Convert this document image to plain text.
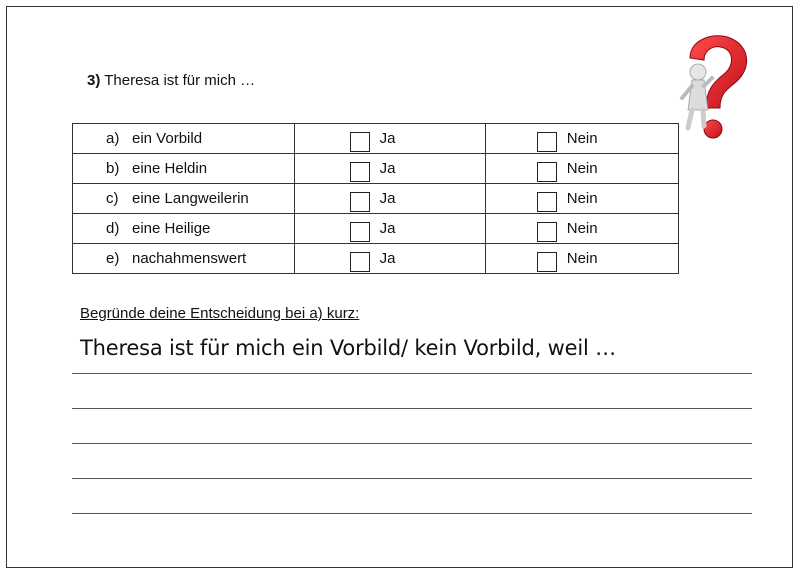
3) Theresa ist für mich …
a) ein Vorbild	Ja	Nein

b) eine Heldin	Ja	Nein

c) eine Langweilerin	Ja	Nein

d) eine Heilige	Ja	Nein

e) nachahmenswert	Ja	Nein
Begründe deine Entscheidung bei a) kurz:
Theresa ist für mich ein Vorbild/ kein Vorbild, weil …
